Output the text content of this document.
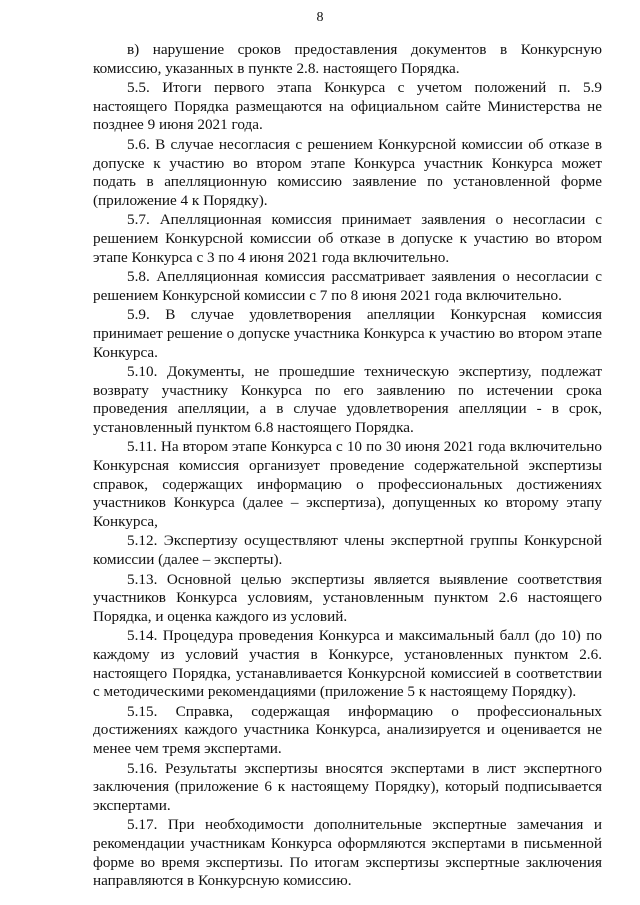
8

в) нарушение сроков предоставления документов в Конкурсную комиссию, указанных в пункте 2.8. настоящего Порядка.

5.5. Итоги первого этапа Конкурса с учетом положений п. 5.9 настоящего Порядка размещаются на официальном сайте Министерства не позднее 9 июня 2021 года.

5.6. В случае несогласия с решением Конкурсной комиссии об отказе в допуске к участию во втором этапе Конкурса участник Конкурса может подать в апелляционную комиссию заявление по установленной форме (приложение 4 к Порядку).

5.7. Апелляционная комиссия принимает заявления о несогласии с решением Конкурсной комиссии об отказе в допуске к участию во втором этапе Конкурса с 3 по 4 июня 2021 года включительно.

5.8. Апелляционная комиссия рассматривает заявления о несогласии с решением Конкурсной комиссии с 7 по 8 июня 2021 года включительно.

5.9. В случае удовлетворения апелляции Конкурсная комиссия принимает решение о допуске участника Конкурса к участию во втором этапе Конкурса.

5.10. Документы, не прошедшие техническую экспертизу, подлежат возврату участнику Конкурса по его заявлению по истечении срока проведения апелляции, а в случае удовлетворения апелляции - в срок, установленный пунктом 6.8 настоящего Порядка.

5.11. На втором этапе Конкурса с 10 по 30 июня 2021 года включительно Конкурсная комиссия организует проведение содержательной экспертизы справок, содержащих информацию о профессиональных достижениях участников Конкурса (далее – экспертиза), допущенных ко второму этапу Конкурса,

5.12. Экспертизу осуществляют члены экспертной группы Конкурсной комиссии (далее – эксперты).

5.13. Основной целью экспертизы является выявление соответствия участников Конкурса условиям, установленным пунктом 2.6 настоящего Порядка, и оценка каждого из условий.

5.14. Процедура проведения Конкурса и максимальный балл (до 10) по каждому из условий участия в Конкурсе, установленных пунктом 2.6. настоящего Порядка, устанавливается Конкурсной комиссией в соответствии с методическими рекомендациями (приложение 5 к настоящему Порядку).

5.15. Справка, содержащая информацию о профессиональных достижениях каждого участника Конкурса, анализируется и оценивается не менее чем тремя экспертами.

5.16. Результаты экспертизы вносятся экспертами в лист экспертного заключения (приложение 6 к настоящему Порядку), который подписывается экспертами.

5.17. При необходимости дополнительные экспертные замечания и рекомендации участникам Конкурса оформляются экспертами в письменной форме во время экспертизы. По итогам экспертизы экспертные заключения направляются в Конкурсную комиссию.
